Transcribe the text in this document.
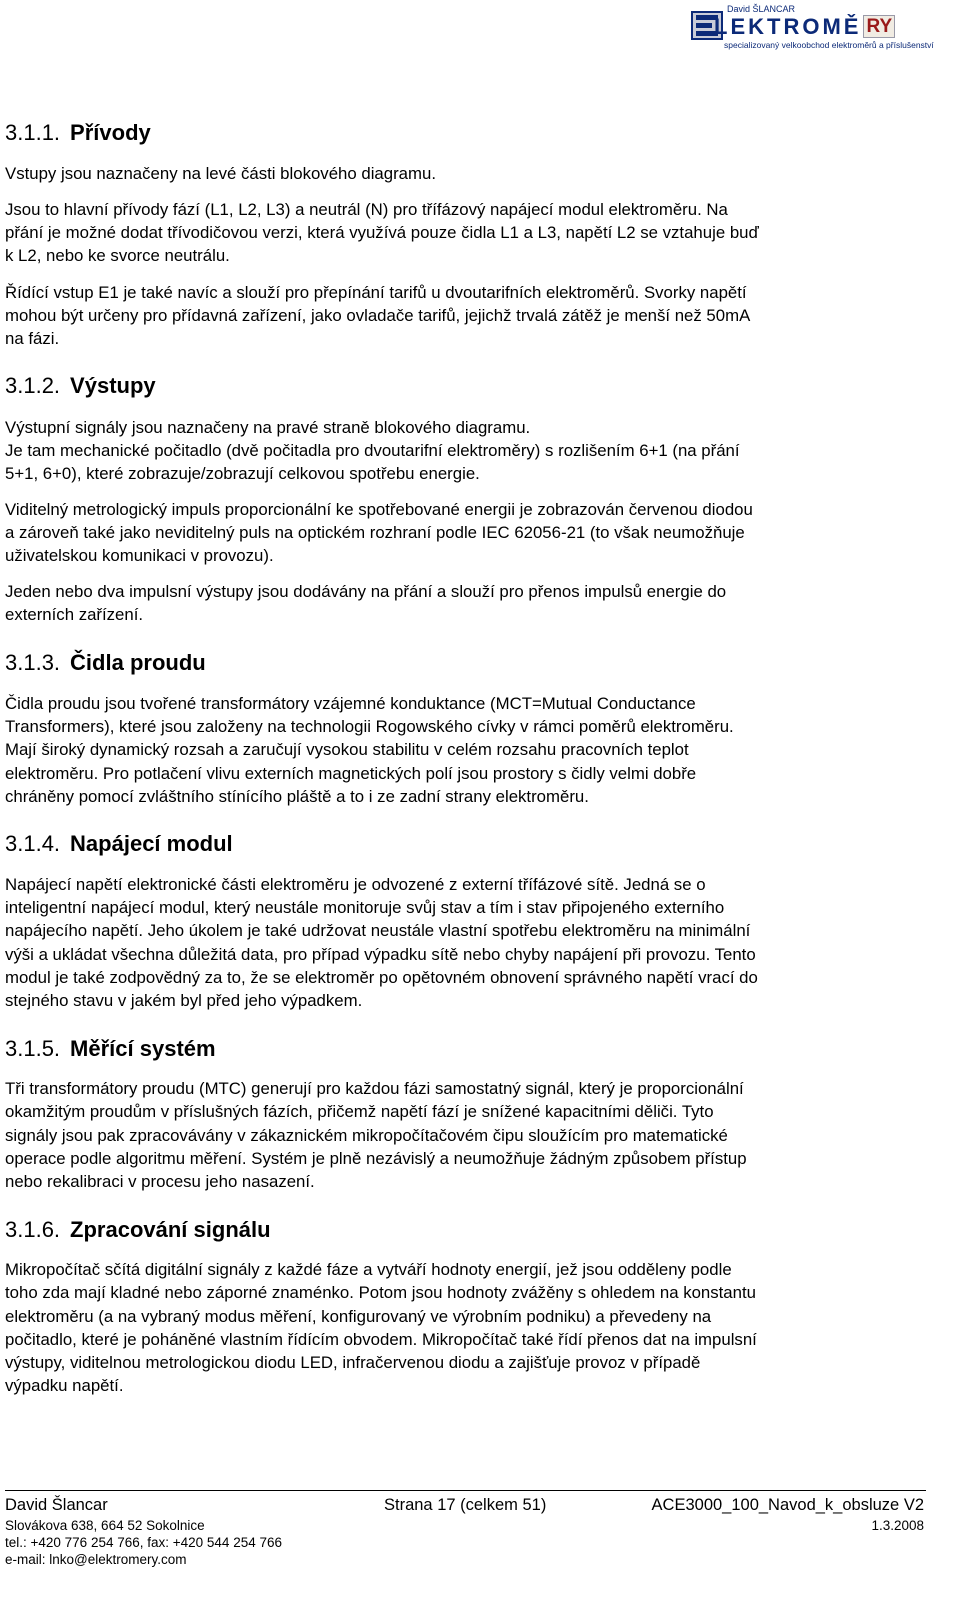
David ŠLANCAR
LEKTROMĚ RY
specializovaný velkoobchod elektroměrů a příslušenství
3.1.1. Přívody
Vstupy jsou naznačeny na levé části blokového diagramu.
Jsou to hlavní přívody fází (L1, L2, L3) a neutrál (N) pro třífázový napájecí modul elektroměru. Na
přání je možné dodat třívodičovou verzi, která využívá pouze čidla L1 a L3, napětí L2 se vztahuje buď
k L2, nebo ke svorce neutrálu.
Řídící vstup E1 je také navíc a slouží pro přepínání tarifů u dvoutarifních elektroměrů. Svorky napětí
mohou být určeny pro přídavná zařízení, jako ovladače tarifů, jejichž trvalá zátěž je menší než 50mA
na fázi.
3.1.2. Výstupy
Výstupní signály jsou naznačeny na pravé straně blokového diagramu.
Je tam mechanické počitadlo (dvě počitadla pro dvoutarifní elektroměry) s rozlišením 6+1 (na přání
5+1, 6+0), které zobrazuje/zobrazují celkovou spotřebu energie.
Viditelný metrologický impuls proporcionální ke spotřebované energii je zobrazován červenou diodou
a zároveň také jako neviditelný puls na optickém rozhraní podle IEC 62056-21 (to však neumožňuje
uživatelskou komunikaci v provozu).
Jeden nebo dva impulsní výstupy jsou dodávány na přání a slouží pro přenos impulsů energie do
externích zařízení.
3.1.3. Čidla proudu
Čidla proudu jsou tvořené transformátory vzájemné konduktance (MCT=Mutual Conductance
Transformers), které jsou založeny na technologii Rogowského cívky v rámci poměrů elektroměru.
Mají široký dynamický rozsah a zaručují vysokou stabilitu v celém rozsahu pracovních teplot
elektroměru. Pro potlačení vlivu externích magnetických polí jsou prostory s čidly velmi dobře
chráněny pomocí zvláštního stínícího pláště a to i ze zadní strany elektroměru.
3.1.4. Napájecí modul
Napájecí napětí elektronické části elektroměru je odvozené z externí třífázové sítě. Jedná se o
inteligentní napájecí modul, který neustále monitoruje svůj stav a tím i stav připojeného externího
napájecího napětí. Jeho úkolem je také udržovat neustále vlastní spotřebu elektroměru na minimální
výši a ukládat všechna důležitá data, pro případ výpadku sítě nebo chyby napájení při provozu. Tento
modul je také zodpovědný za to, že se elektroměr po opětovném obnovení správného napětí vrací do
stejného stavu v jakém byl před jeho výpadkem.
3.1.5. Měřící systém
Tři transformátory proudu (MTC) generují pro každou fázi samostatný signál, který je proporcionální
okamžitým proudům v příslušných fázích, přičemž napětí fází je snížené kapacitními děliči. Tyto
signály jsou pak zpracovávány v zákaznickém mikropočítačovém čipu sloužícím pro matematické
operace podle algoritmu měření. Systém je plně nezávislý a neumožňuje žádným způsobem přístup
nebo rekalibraci v procesu jeho nasazení.
3.1.6. Zpracování signálu
Mikropočítač sčítá digitální signály z každé fáze a vytváří hodnoty energií, jež jsou odděleny podle
toho zda mají kladné nebo záporné znaménko. Potom jsou hodnoty zvážěny s ohledem na konstantu
elektroměru (a na vybraný modus měření, konfigurovaný ve výrobním podniku) a převedeny na
počitadlo, které je poháněné vlastním řídícím obvodem. Mikropočítač také řídí přenos dat na impulsní
výstupy, viditelnou metrologickou diodu LED, infračervenou diodu a zajišťuje provoz v případě
výpadku napětí.
David Šlancar	Strana 17 (celkem 51)	ACE3000_100_Navod_k_obsluze V2
Slovákova 638, 664 52 Sokolnice	1.3.2008
tel.: +420 776 254 766, fax: +420 544 254 766
e-mail: lnko@elektromery.com
